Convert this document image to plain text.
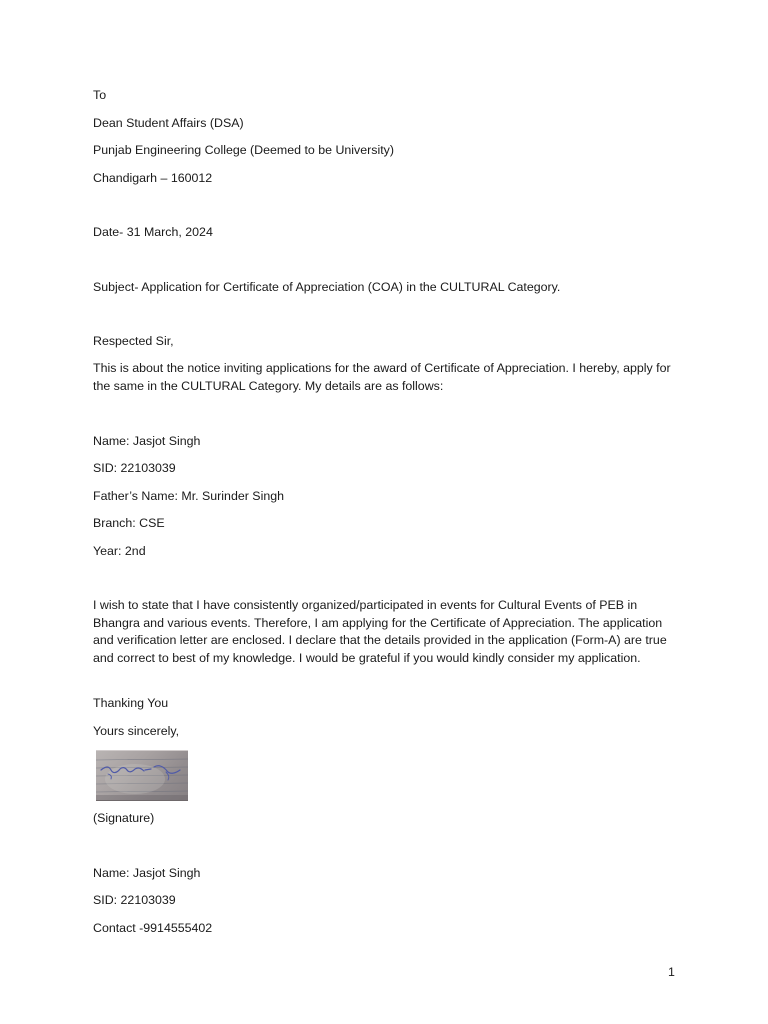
To
Dean Student Affairs (DSA)
Punjab Engineering College (Deemed to be University)
Chandigarh – 160012
Date- 31 March, 2024
Subject- Application for Certificate of Appreciation (COA) in the CULTURAL Category.
Respected Sir,
This is about the notice inviting applications for the award of Certificate of Appreciation. I hereby, apply for the same in the CULTURAL Category. My details are as follows:
Name: Jasjot Singh
SID: 22103039
Father’s Name: Mr. Surinder Singh
Branch: CSE
Year: 2nd
I wish to state that I have consistently organized/participated in events for Cultural Events of PEB in Bhangra and various events. Therefore, I am applying for the Certificate of Appreciation. The application and verification letter are enclosed. I declare that the details provided in the application (Form-A) are true and correct to best of my knowledge. I would be grateful if you would kindly consider my application.
Thanking You
Yours sincerely,
(Signature)
Name: Jasjot Singh
SID: 22103039
Contact -9914555402
1
